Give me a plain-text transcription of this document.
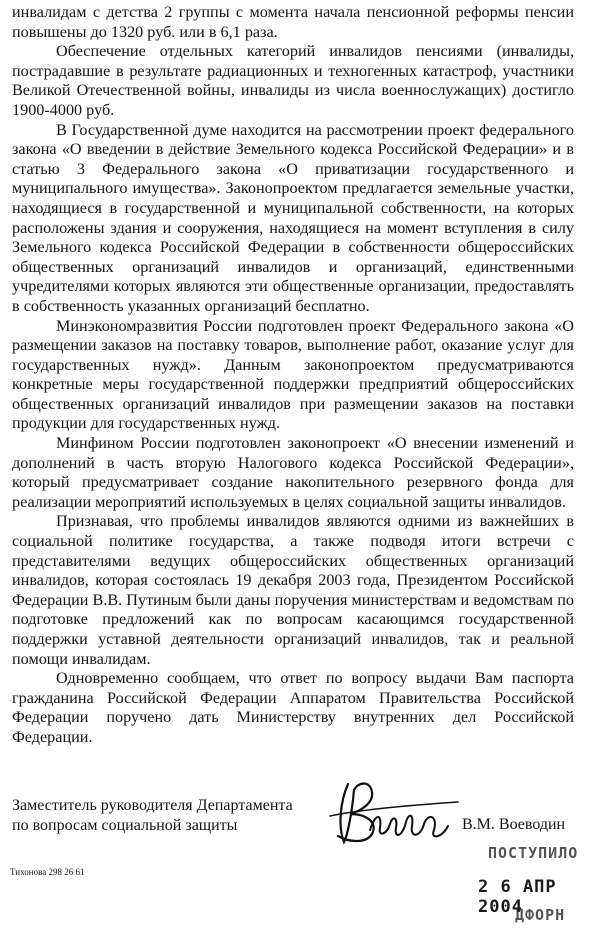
инвалидам с детства 2 группы с момента начала пенсионной реформы пенсии повышены до 1320 руб. или в 6,1 раза.

Обеспечение отдельных категорий инвалидов пенсиями (инвалиды, пострадавшие в результате радиационных и техногенных катастроф, участники Великой Отечественной войны, инвалиды из числа военнослужащих) достигло 1900-4000 руб.

В Государственной думе находится на рассмотрении проект федерального закона «О введении в действие Земельного кодекса Российской Федерации» и в статью 3 Федерального закона «О приватизации государственного и муниципального имущества». Законопроектом предлагается земельные участки, находящиеся в государственной и муниципальной собственности, на которых расположены здания и сооружения, находящиеся на момент вступления в силу Земельного кодекса Российской Федерации в собственности общероссийских общественных организаций инвалидов и организаций, единственными учредителями которых являются эти общественные организации, предоставлять в собственность указанных организаций бесплатно.

Минэкономразвития России подготовлен проект Федерального закона «О размещении заказов на поставку товаров, выполнение работ, оказание услуг для государственных нужд». Данным законопроектом предусматриваются конкретные меры государственной поддержки предприятий общероссийских общественных организаций инвалидов при размещении заказов на поставки продукции для государственных нужд.

Минфином России подготовлен законопроект «О внесении изменений и дополнений в часть вторую Налогового кодекса Российской Федерации», который предусматривает создание накопительного резервного фонда для реализации мероприятий используемых в целях социальной защиты инвалидов.

Признавая, что проблемы инвалидов являются одними из важнейших в социальной политике государства, а также подводя итоги встречи с представителями ведущих общероссийских общественных организаций инвалидов, которая состоялась 19 декабря 2003 года, Президентом Российской Федерации В.В. Путиным были даны поручения министерствам и ведомствам по подготовке предложений как по вопросам касающимся государственной поддержки уставной деятельности организаций инвалидов, так и реальной помощи инвалидам.

Одновременно сообщаем, что ответ по вопросу выдачи Вам паспорта гражданина Российской Федерации Аппаратом Правительства Российской Федерации поручено дать Министерству внутренних дел Российской Федерации.

Заместитель руководителя Департамента
по вопросам социальной защиты	В.М. Воеводин
Тихонова 298 26 61
ПОСТУПИЛО
2 6 АПР 2004
ДФОРН
